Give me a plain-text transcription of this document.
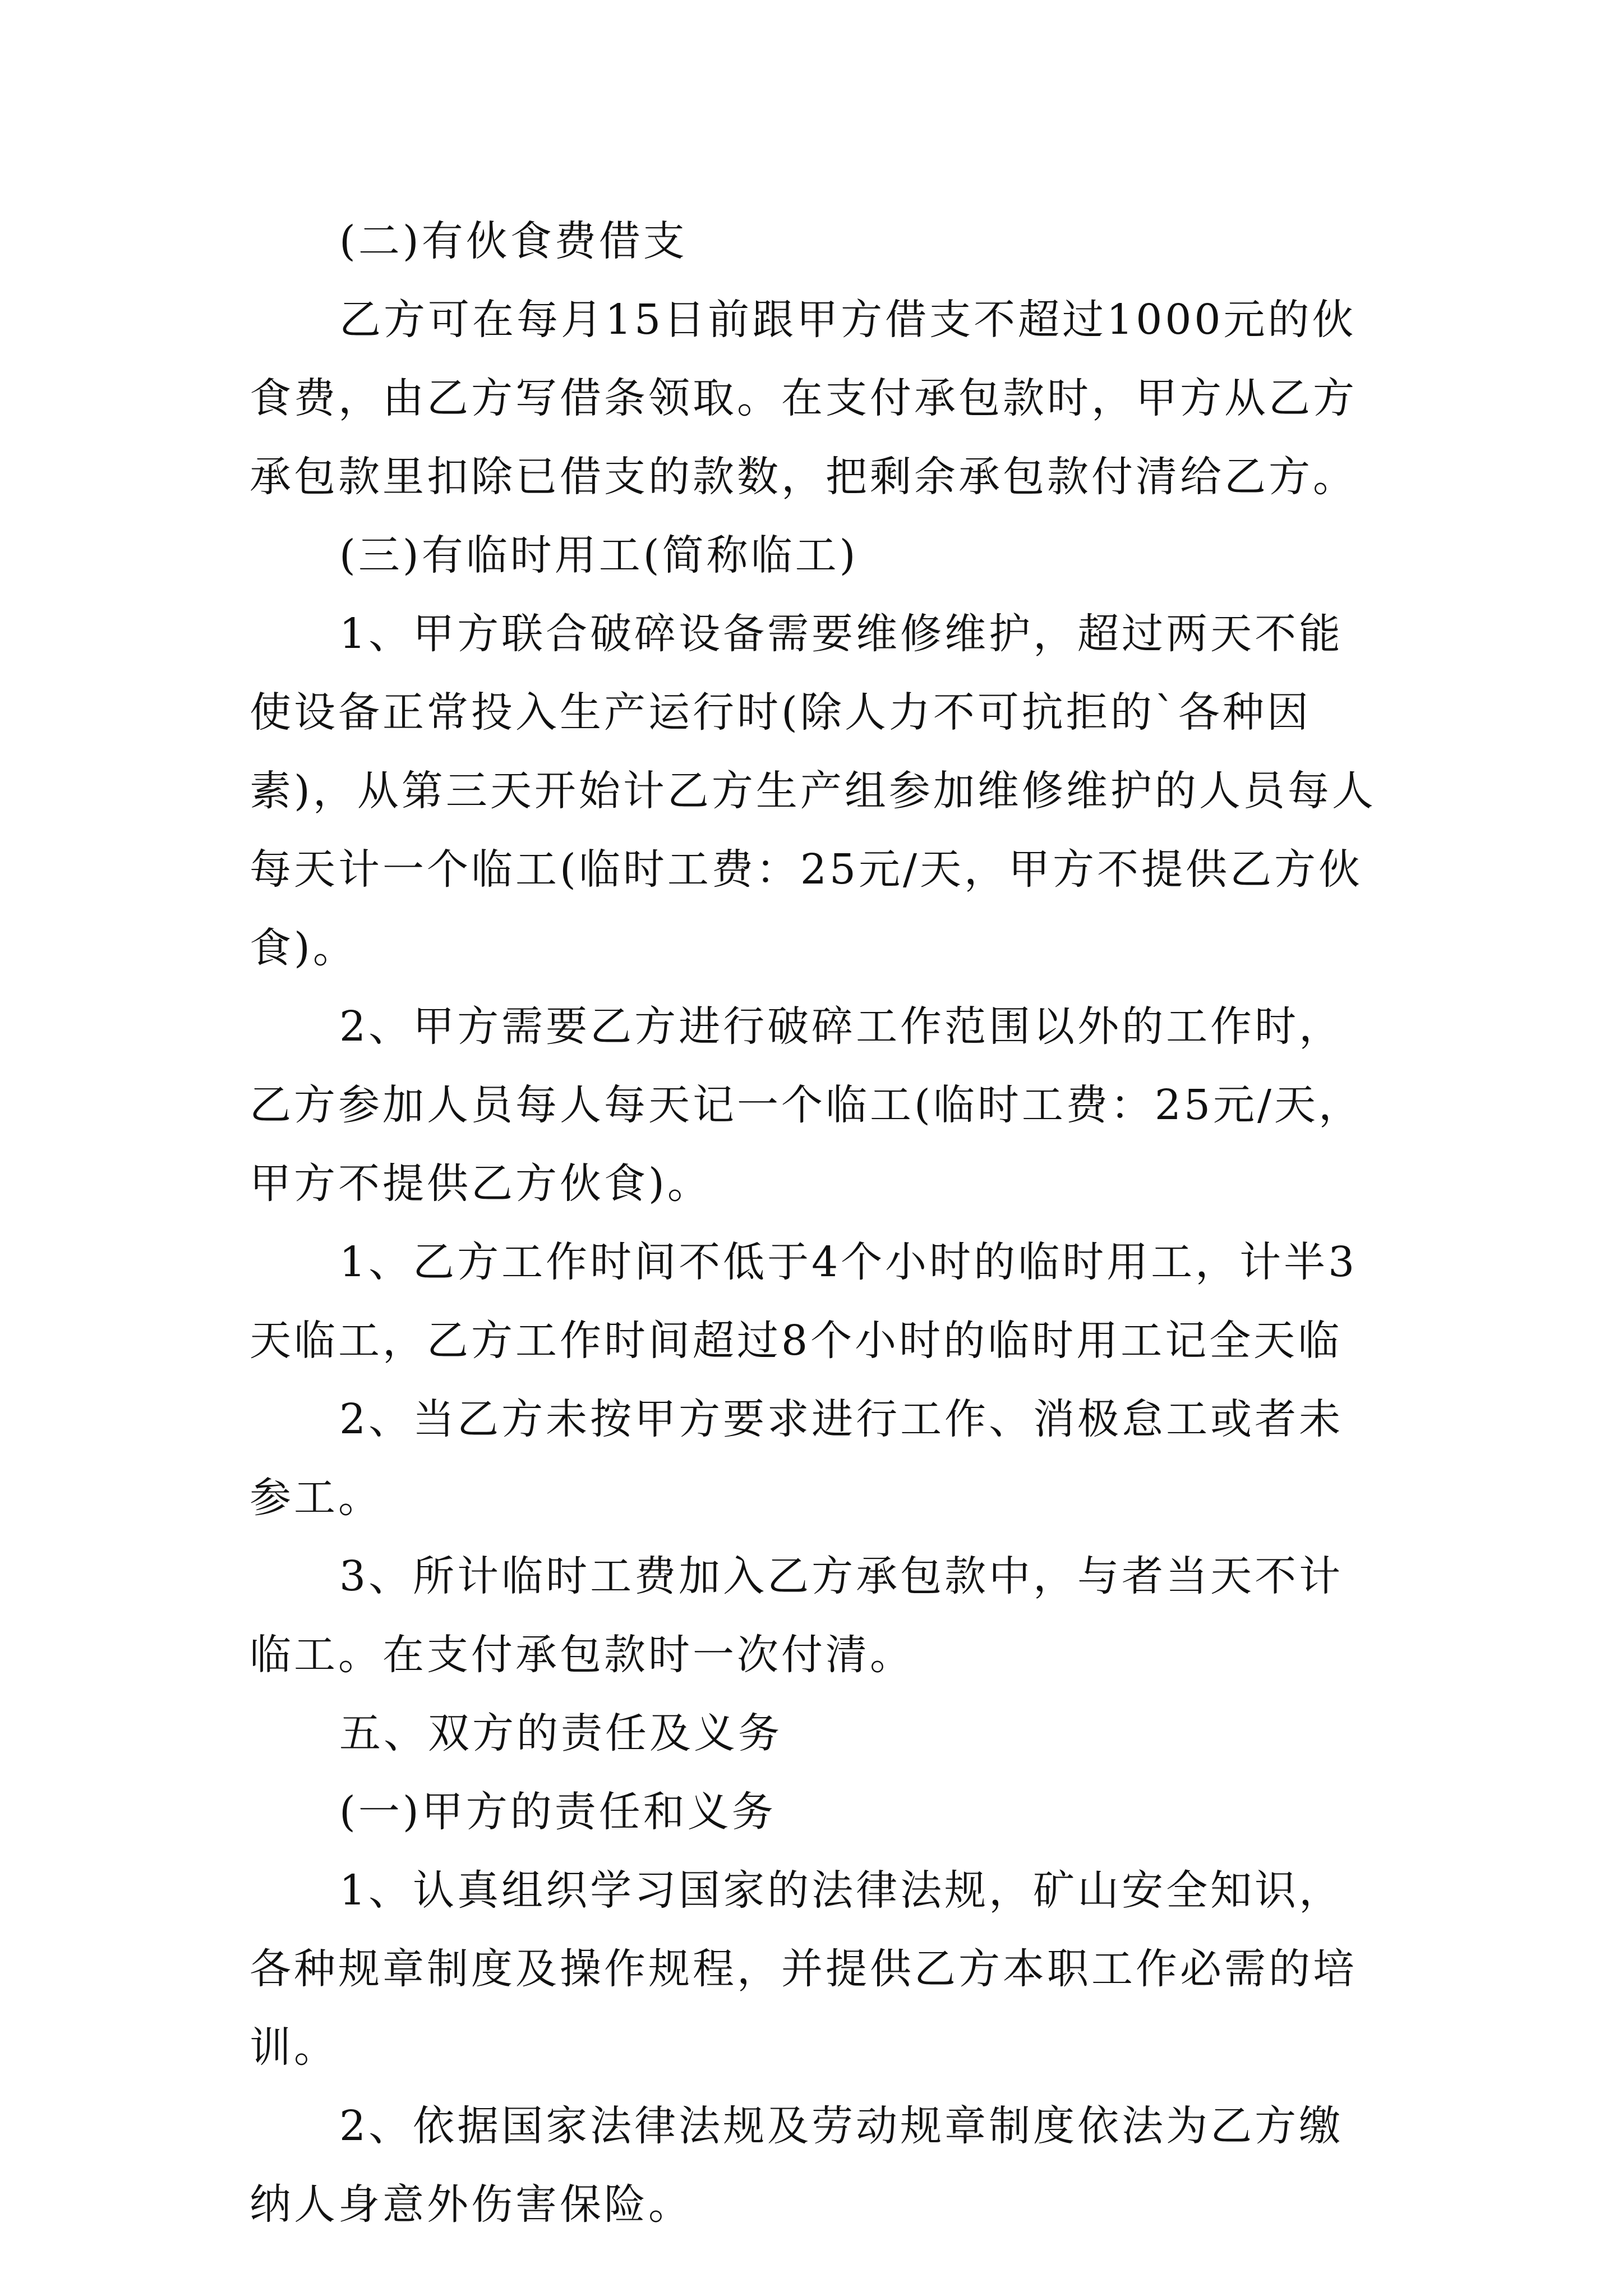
(二)有伙食费借支

乙方可在每月15日前跟甲方借支不超过1000元的伙食费，由乙方写借条领取。在支付承包款时，甲方从乙方承包款里扣除已借支的款数，把剩余承包款付清给乙方。

(三)有临时用工(简称临工)

1、甲方联合破碎设备需要维修维护，超过两天不能使设备正常投入生产运行时(除人力不可抗拒的`各种因素)，从第三天开始计乙方生产组参加维修维护的人员每人每天计一个临工(临时工费：25元/天，甲方不提供乙方伙食)。

2、甲方需要乙方进行破碎工作范围以外的工作时，乙方参加人员每人每天记一个临工(临时工费：25元/天，甲方不提供乙方伙食)。

1、乙方工作时间不低于4个小时的临时用工，计半3天临工，乙方工作时间超过8个小时的临时用工记全天临

2、当乙方未按甲方要求进行工作、消极怠工或者未参工。

3、所计临时工费加入乙方承包款中，与者当天不计临工。在支付承包款时一次付清。

五、双方的责任及义务

(一)甲方的责任和义务

1、认真组织学习国家的法律法规，矿山安全知识，各种规章制度及操作规程，并提供乙方本职工作必需的培训。

2、依据国家法律法规及劳动规章制度依法为乙方缴纳人身意外伤害保险。
